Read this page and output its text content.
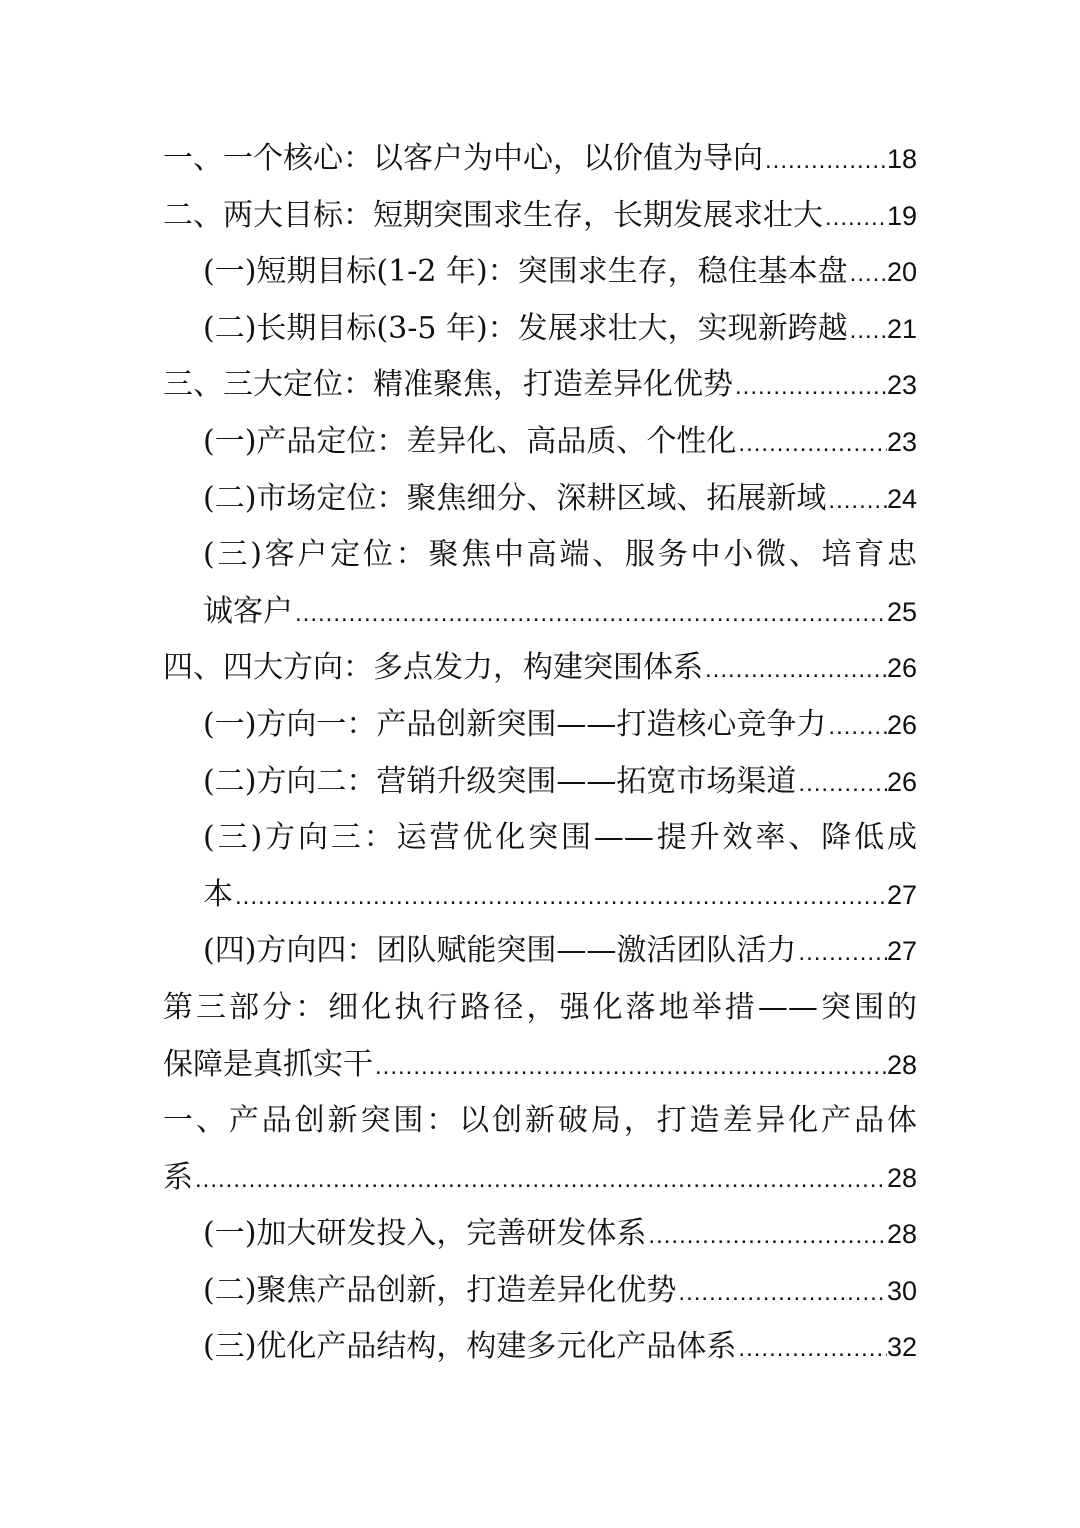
一、一个核心：以客户为中心，以价值为导向 .....	18
二、两大目标：短期突围求生存，长期发展求壮大 ..... 19
(一)短期目标(1-2 年)：突围求生存，稳住基本盘 ..... 20
(二)长期目标(3-5 年)：发展求壮大，实现新跨越 ..... 21
三、三大定位：精准聚焦，打造差异化优势 .....	23
(一)产品定位：差异化、高品质、个性化 .....	23
(二)市场定位：聚焦细分、深耕区域、拓展新域 ..... 24
(三)客户定位：聚焦中高端、服务中小微、培育忠
诚客户 .....	25
四、四大方向：多点发力，构建突围体系 .....	26
(一)方向一：产品创新突围——打造核心竞争力 ..... 26
(二)方向二：营销升级突围——拓宽市场渠道 .....	26
(三)方向三：运营优化突围——提升效率、降低成
本 .....	27
(四)方向四：团队赋能突围——激活团队活力 .....	27
第三部分：细化执行路径，强化落地举措——突围的
保障是真抓实干 .....	28
一、产品创新突围：以创新破局，打造差异化产品体
系 .....	28
(一)加大研发投入，完善研发体系 .....	28
(二)聚焦产品创新，打造差异化优势 .....	30
(三)优化产品结构，构建多元化产品体系 .....	32
